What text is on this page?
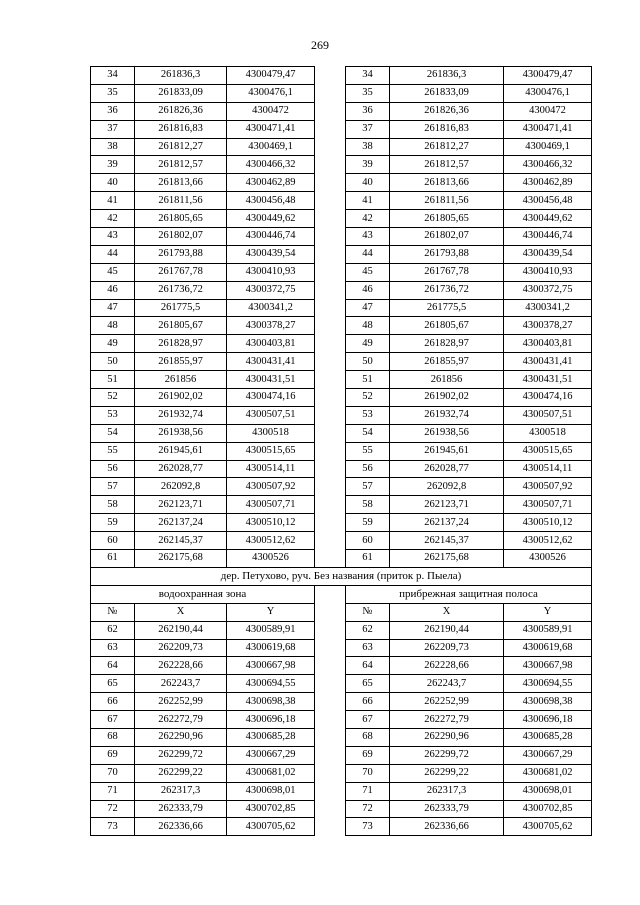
269
34	261836,3	4300479,47		34	261836,3	4300479,47
35	261833,09	4300476,1		35	261833,09	4300476,1
36	261826,36	4300472		36	261826,36	4300472
37	261816,83	4300471,41		37	261816,83	4300471,41
38	261812,27	4300469,1		38	261812,27	4300469,1
39	261812,57	4300466,32		39	261812,57	4300466,32
40	261813,66	4300462,89		40	261813,66	4300462,89
41	261811,56	4300456,48		41	261811,56	4300456,48
42	261805,65	4300449,62		42	261805,65	4300449,62
43	261802,07	4300446,74		43	261802,07	4300446,74
44	261793,88	4300439,54		44	261793,88	4300439,54
45	261767,78	4300410,93		45	261767,78	4300410,93
46	261736,72	4300372,75		46	261736,72	4300372,75
47	261775,5	4300341,2		47	261775,5	4300341,2
48	261805,67	4300378,27		48	261805,67	4300378,27
49	261828,97	4300403,81		49	261828,97	4300403,81
50	261855,97	4300431,41		50	261855,97	4300431,41
51	261856	4300431,51		51	261856	4300431,51
52	261902,02	4300474,16		52	261902,02	4300474,16
53	261932,74	4300507,51		53	261932,74	4300507,51
54	261938,56	4300518		54	261938,56	4300518
55	261945,61	4300515,65		55	261945,61	4300515,65
56	262028,77	4300514,11		56	262028,77	4300514,11
57	262092,8	4300507,92		57	262092,8	4300507,92
58	262123,71	4300507,71		58	262123,71	4300507,71
59	262137,24	4300510,12		59	262137,24	4300510,12
60	262145,37	4300512,62		60	262145,37	4300512,62
61	262175,68	4300526		61	262175,68	4300526
дер. Петухово, руч. Без названия (приток р. Пыела)						
водоохранная зона				прибрежная защитная полоса		
№	X	Y		№	X	Y
62	262190,44	4300589,91		62	262190,44	4300589,91
63	262209,73	4300619,68		63	262209,73	4300619,68
64	262228,66	4300667,98		64	262228,66	4300667,98
65	262243,7	4300694,55		65	262243,7	4300694,55
66	262252,99	4300698,38		66	262252,99	4300698,38
67	262272,79	4300696,18		67	262272,79	4300696,18
68	262290,96	4300685,28		68	262290,96	4300685,28
69	262299,72	4300667,29		69	262299,72	4300667,29
70	262299,22	4300681,02		70	262299,22	4300681,02
71	262317,3	4300698,01		71	262317,3	4300698,01
72	262333,79	4300702,85		72	262333,79	4300702,85
73	262336,66	4300705,62		73	262336,66	4300705,62
